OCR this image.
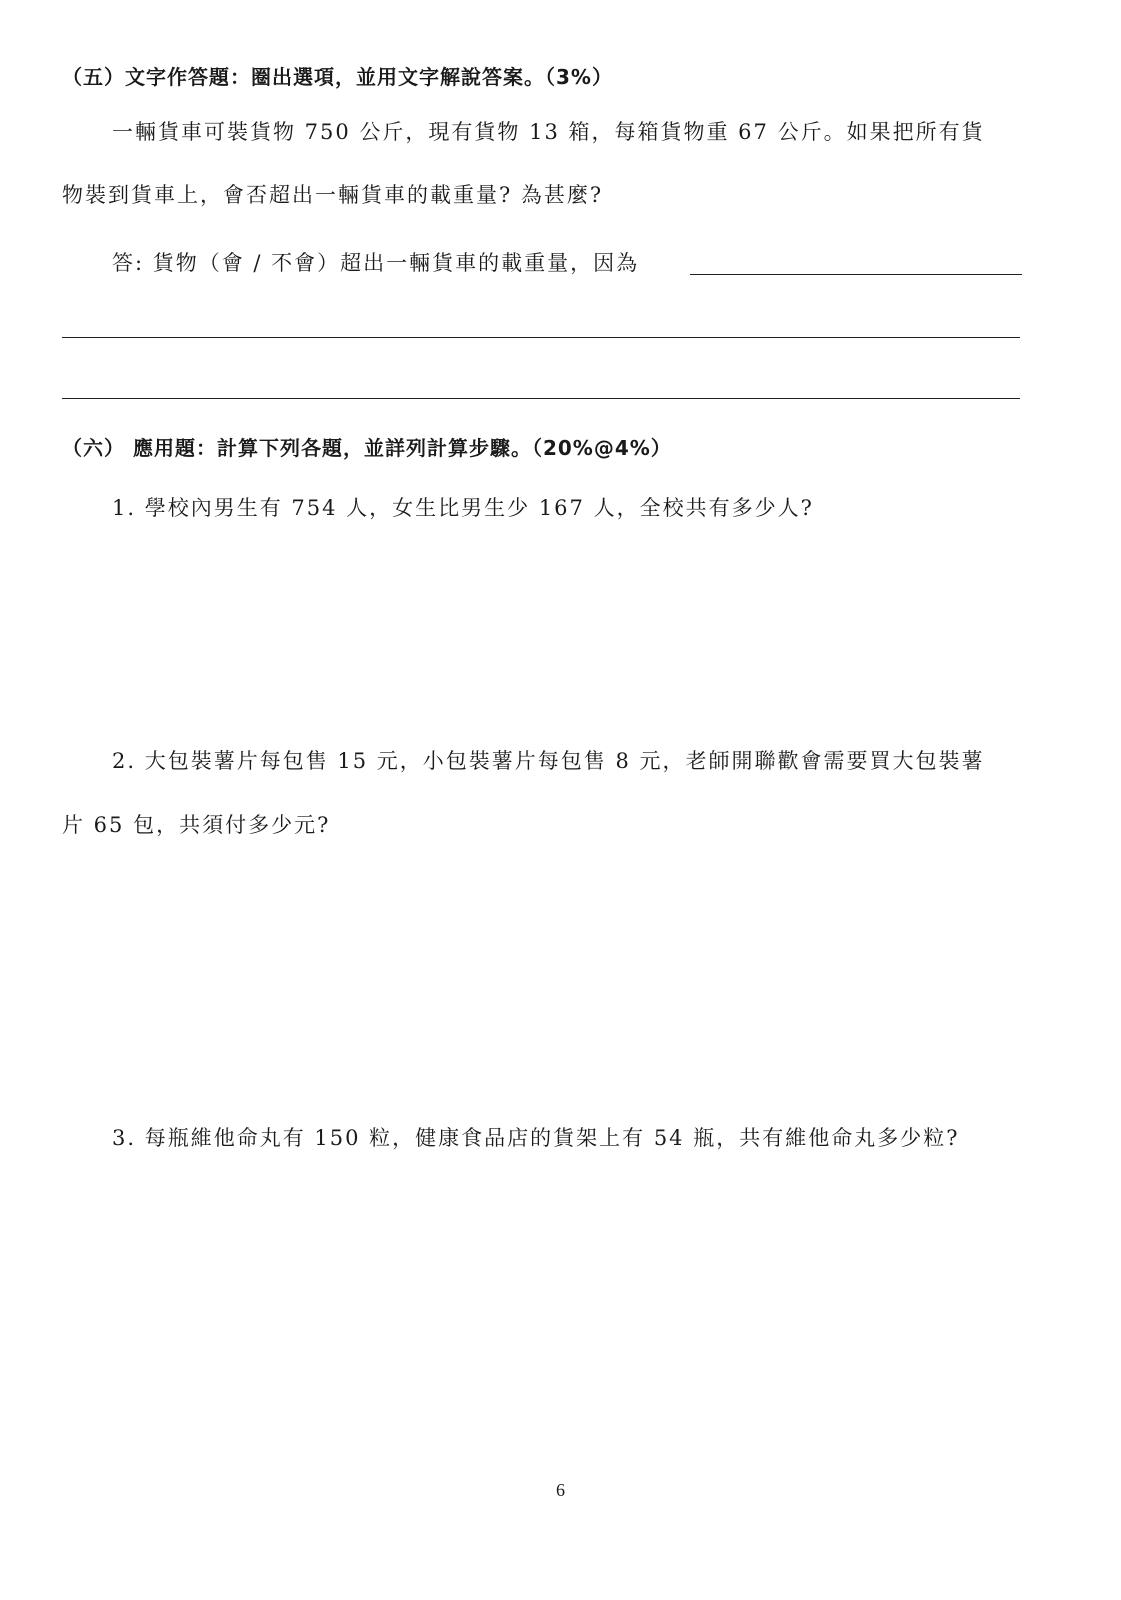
（五）文字作答題：圈出選項，並用文字解說答案。（3%）
一輛貨車可裝貨物 750 公斤，現有貨物 13 箱，每箱貨物重 67 公斤。如果把所有貨
物裝到貨車上，會否超出一輛貨車的載重量? 為甚麼?
答: 貨物（會 / 不會）超出一輛貨車的載重量，因為
（六） 應用題：計算下列各題，並詳列計算步驟。（20%@4%）
1. 學校內男生有 754 人，女生比男生少 167 人，全校共有多少人?
2. 大包裝薯片每包售 15 元，小包裝薯片每包售 8 元，老師開聯歡會需要買大包裝薯
片 65 包，共須付多少元?
3. 每瓶維他命丸有 150 粒，健康食品店的貨架上有 54 瓶，共有維他命丸多少粒?
6
